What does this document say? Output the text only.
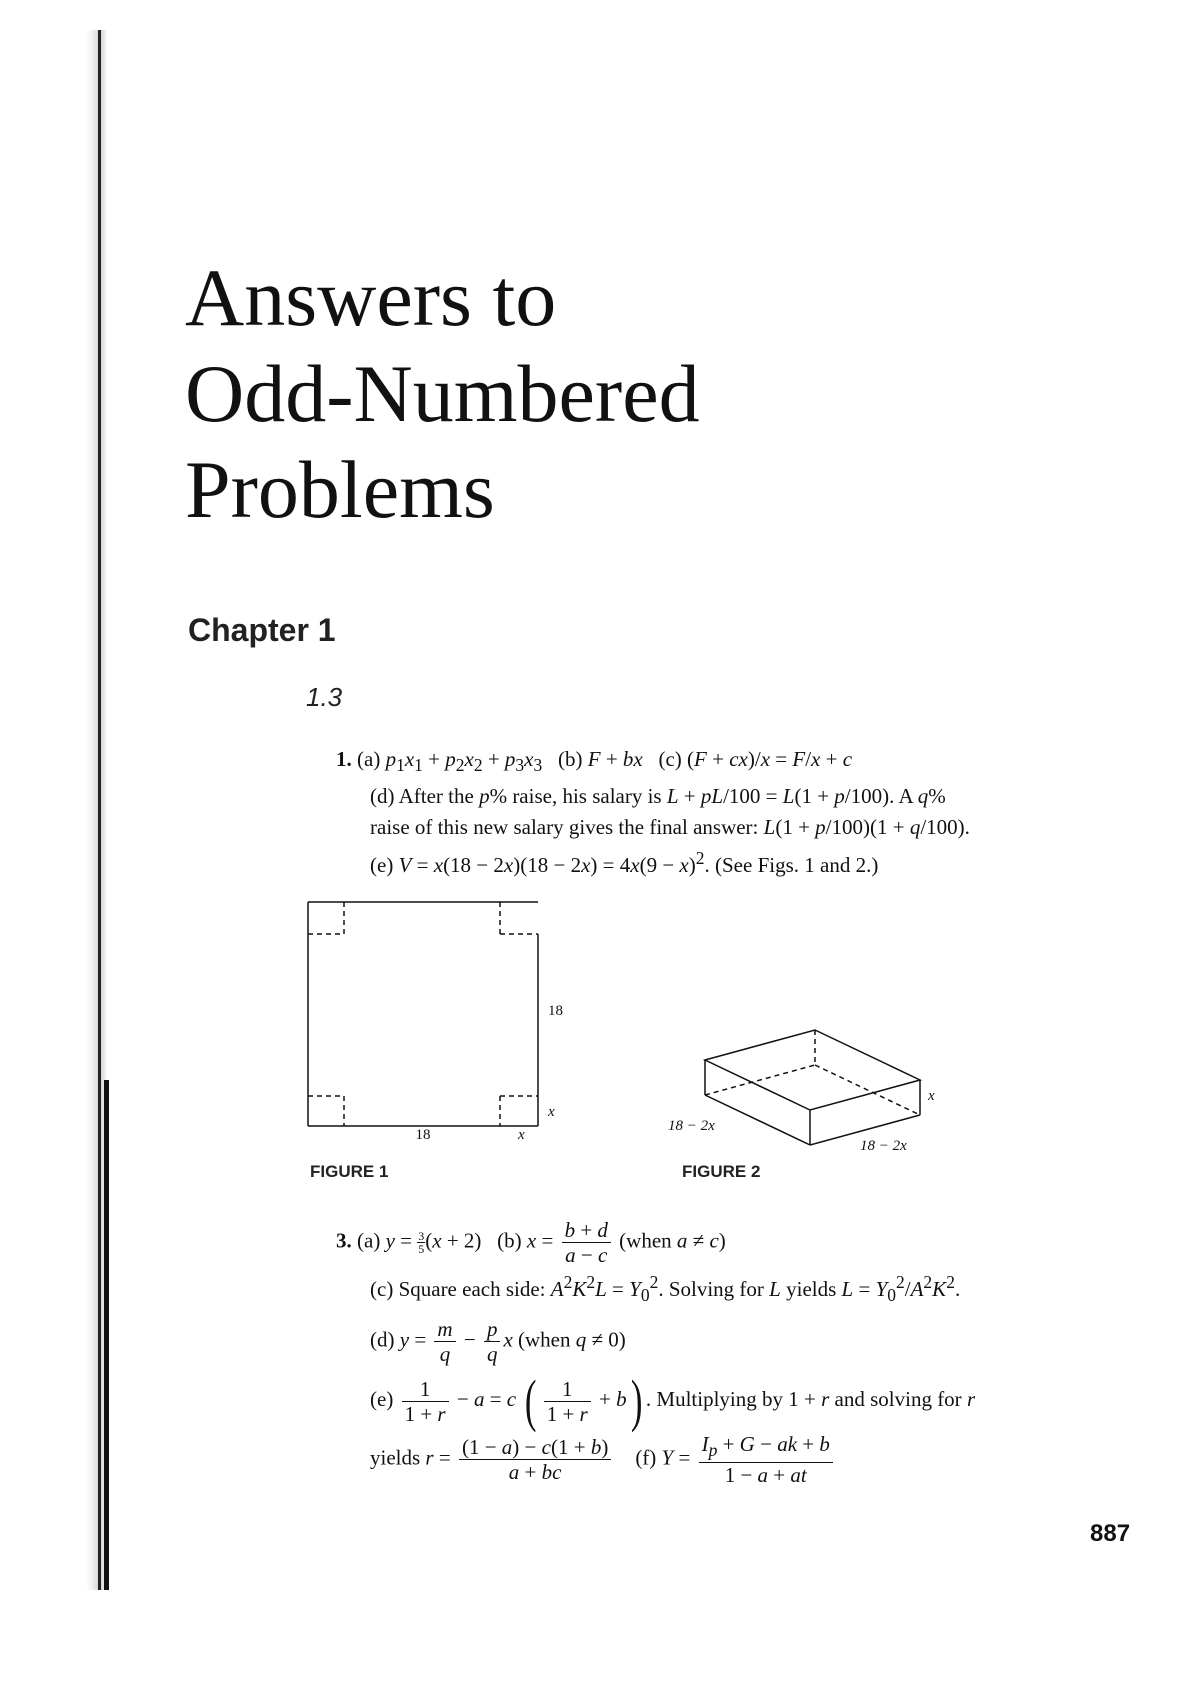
Answers to
Odd-Numbered
Problems
Chapter 1
1.3
1. (a) $p_1x_1 + p_2x_2 + p_3x_3$ (b) F + bx (c) (F + cx)/x = F/x + c
(d) After the p% raise, his salary is L + pL/100 = L(1 + p/100). A q%
raise of this new salary gives the final answer: L(1 + p/100)(1 + q/100).
(e) $V = x(18 - 2x)(18 - 2x) = 4x(9 - x)^2$. (See Figs. 1 and 2.)
18
18	x
x
FIGURE 1
18 − 2x
18 − 2x
x
FIGURE 2
3. (a) $y = \frac{3}{5} (x + 2)$   (b) $x = \frac{b + d}{a - c}$ (when a ≠ c)
(c) Square each side: $A^2K^2L = Y_0^2$. Solving for L yields $L = Y_0^2/A^2K^2$.
(d) $y = \frac{m}{q} - \frac{p}{q}$ x (when q ≠ 0)
$(e) \frac{1}{1 + r} - a = c$ ( $\frac{1}{1 + r} + b$) . Multiplying by 1 + r and solving for r
yields $r = \frac{(1 - a) - c(1 + b)}{a + bc} (f) Y = \frac{I_p + G - ak + b}{1 - a + at}$
887
